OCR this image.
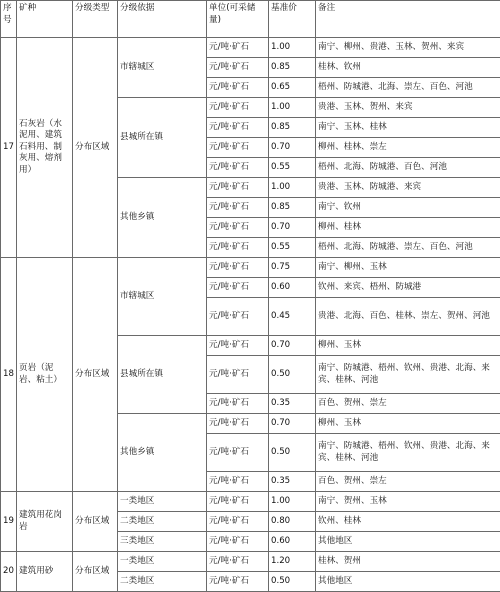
序号	矿种	分级类型	分级依据	单位(可采储量)	基准价	备注
17	石灰岩（水泥用、建筑石料用、制灰用、熔剂用）	分布区域	市辖城区	元/吨·矿石	1.00	南宁、柳州、贵港、玉林、贺州、来宾
				元/吨·矿石	0.85	桂林、钦州
				元/吨·矿石	0.65	梧州、防城港、北海、崇左、百色、河池
			县城所在镇	元/吨·矿石	1.00	贵港、玉林、贺州、来宾
				元/吨·矿石	0.85	南宁、玉林、桂林
				元/吨·矿石	0.70	柳州、桂林、崇左
				元/吨·矿石	0.55	梧州、北海、防城港、百色、河池
			其他乡镇	元/吨·矿石	1.00	贵港、玉林、防城港、来宾
				元/吨·矿石	0.85	南宁、钦州
				元/吨·矿石	0.70	柳州、桂林
				元/吨·矿石	0.55	梧州、北海、防城港、崇左、百色、河池
18	页岩（泥岩、粘土）	分布区域	市辖城区	元/吨·矿石	0.75	南宁、柳州、玉林
				元/吨·矿石	0.60	钦州、来宾、梧州、防城港
				元/吨·矿石	0.45	贵港、北海、百色、桂林、崇左、贺州、河池
			县城所在镇	元/吨·矿石	0.70	柳州、玉林
				元/吨·矿石	0.50	南宁、防城港、梧州、钦州、贵港、北海、来宾、桂林、河池
				元/吨·矿石	0.35	百色、贺州、崇左
			其他乡镇	元/吨·矿石	0.70	柳州、玉林
				元/吨·矿石	0.50	南宁、防城港、梧州、钦州、贵港、北海、来宾、桂林、河池
				元/吨·矿石	0.35	百色、贺州、崇左
19	建筑用花岗岩	分布区域	一类地区	元/吨·矿石	1.00	南宁、贺州、玉林
			二类地区	元/吨·矿石	0.80	钦州、桂林
			三类地区	元/吨·矿石	0.60	其他地区
20	建筑用砂	分布区域	一类地区	元/吨·矿石	1.20	桂林、贺州
			二类地区	元/吨·矿石	0.50	其他地区
